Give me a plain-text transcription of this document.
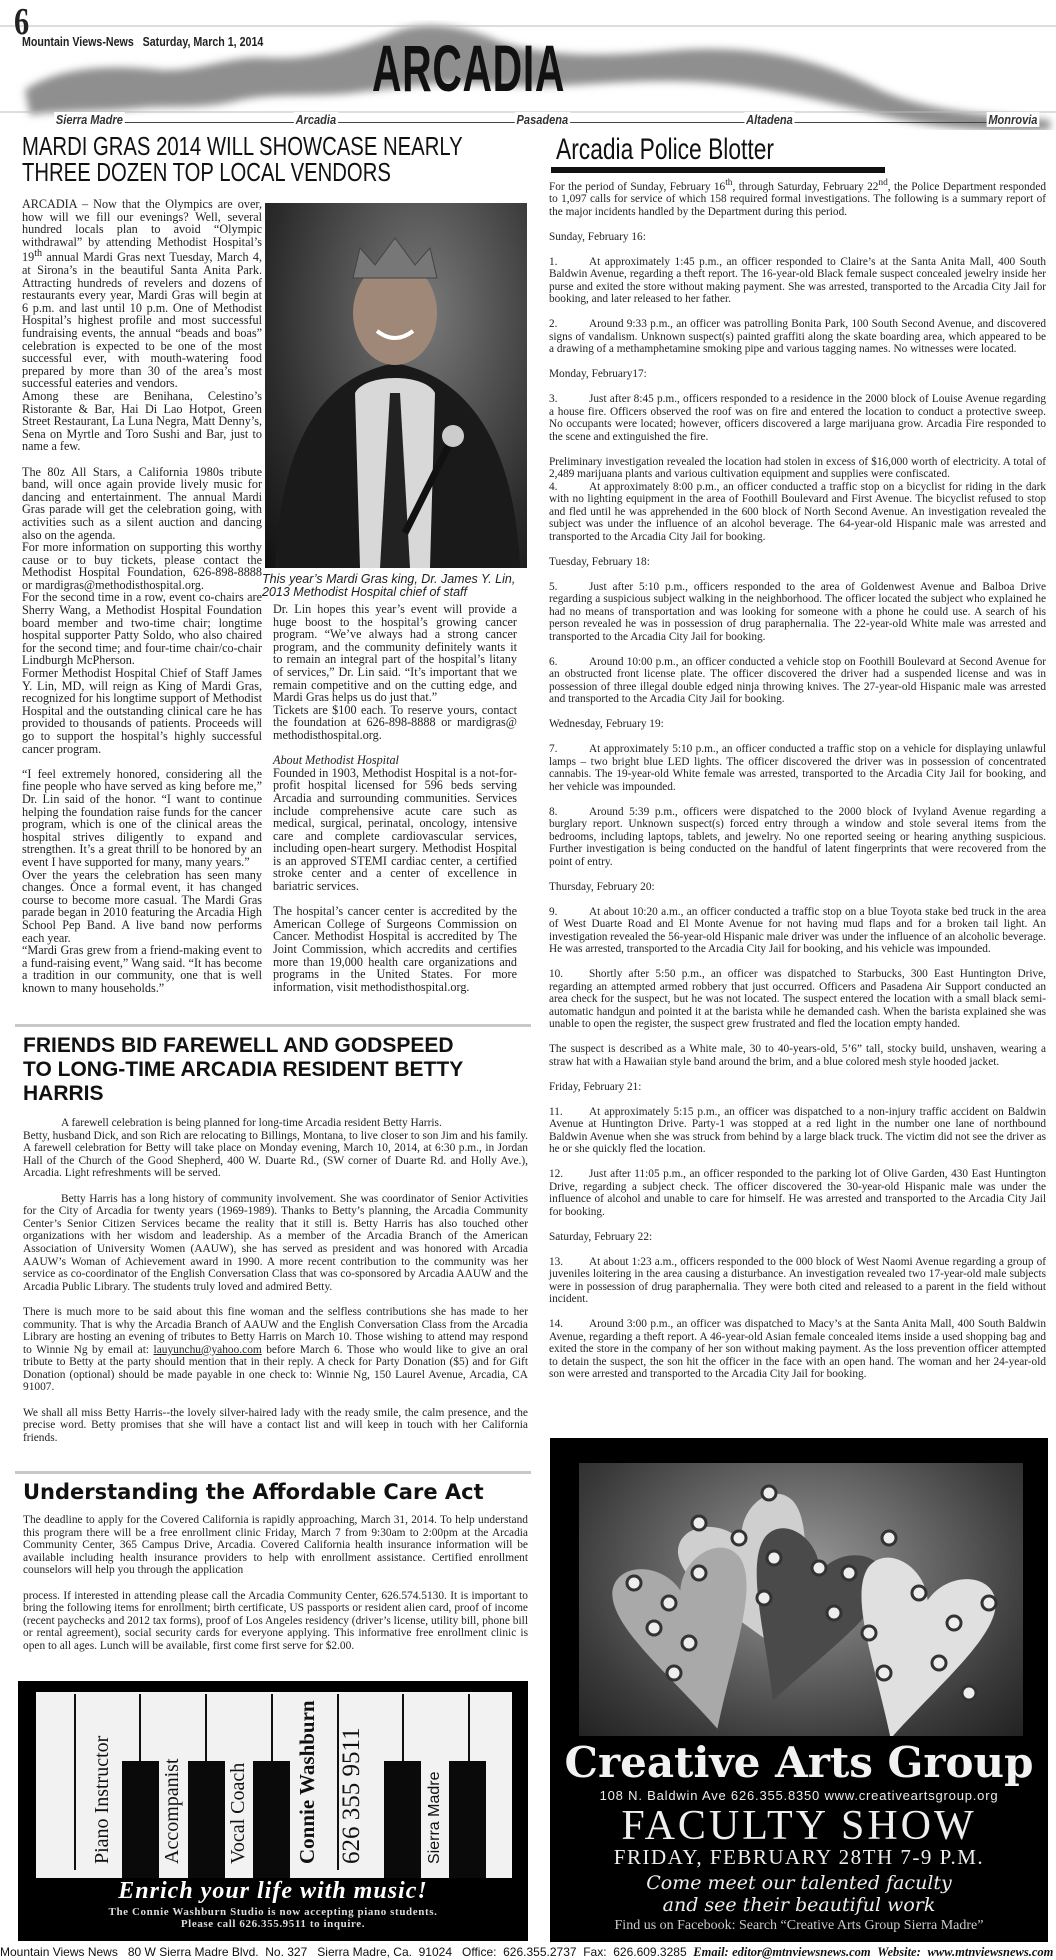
6
Mountain Views-News   Saturday, March 1, 2014 ARCADIA
Sierra Madre	Arcadia	Pasadena	Altadena	Monrovia
MARDI GRAS 2014 WILL SHOWCASE NEARLY
THREE DOZEN TOP LOCAL VENDORS

ARCADIA – Now that the Olympics are over, how will we fill our evenings? Well, several hundred locals plan to avoid “Olympic withdrawal” by attending Methodist Hospital’s 19th annual Mardi Gras next Tuesday, March 4, at Sirona’s in the beautiful Santa Anita Park. Attracting hundreds of revelers and dozens of restaurants every year, Mardi Gras will begin at 6 p.m. and last until 10 p.m. One of Methodist Hospital’s highest profile and most successful fundraising events, the annual “beads and boas” celebration is expected to be one of the most successful ever, with mouth-watering food prepared by more than 30 of the area’s most successful eateries and vendors.

Among these are Benihana, Celestino’s Ristorante & Bar, Hai Di Lao Hotpot, Green Street Restaurant, La Luna Negra, Matt Denny’s, Sena on Myrtle and Toro Sushi and Bar, just to name a few.

The 80z All Stars, a California 1980s tribute band, will once again provide lively music for dancing and entertainment. The annual Mardi Gras parade will get the celebration going, with activities such as a silent auction and dancing also on the agenda.

For more information on supporting this worthy cause or to buy tickets, please contact the Methodist Hospital Foundation, 626-898-8888 or mardigras@methodisthospital.org.

For the second time in a row, event co-chairs are Sherry Wang, a Methodist Hospital Foundation board member and two-time chair; longtime hospital supporter Patty Soldo, who also chaired for the second time; and four-time chair/co-chair Lindburgh McPherson.

Former Methodist Hospital Chief of Staff James Y. Lin, MD, will reign as King of Mardi Gras, recognized for his longtime support of Methodist Hospital and the outstanding clinical care he has provided to thousands of patients. Proceeds will go to support the hospital’s highly successful cancer program.

“I feel extremely honored, considering all the fine people who have served as king before me,” Dr. Lin said of the honor. “I want to continue helping the foundation raise funds for the cancer program, which is one of the clinical areas the hospital strives diligently to expand and strengthen. It’s a great thrill to be honored by an event I have supported for many, many years.”

Over the years the celebration has seen many changes. Once a formal event, it has changed course to become more casual. The Mardi Gras parade began in 2010 featuring the Arcadia High School Pep Band. A live band now performs each year.

“Mardi Gras grew from a friend-making event to a fund-raising event,” Wang said. “It has become a tradition in our community, one that is well known to many households.”

This year’s Mardi Gras king, Dr. James Y. Lin, 2013 Methodist Hospital chief of staff

Dr. Lin hopes this year’s event will provide a huge boost to the hospital’s growing cancer program. “We’ve always had a strong cancer program, and the community definitely wants it to remain an integral part of the hospital’s litany of services,” Dr. Lin said. “It’s important that we remain competitive and on the cutting edge, and Mardi Gras helps us do just that.”

Tickets are $100 each. To reserve yours, contact the foundation at 626-898-8888 or mardigras@ methodisthospital.org.

About Methodist Hospital

Founded in 1903, Methodist Hospital is a not-for-profit hospital licensed for 596 beds serving Arcadia and surrounding communities. Services include comprehensive acute care such as medical, surgical, perinatal, oncology, intensive care and complete cardiovascular services, including open-heart surgery. Methodist Hospital is an approved STEMI cardiac center, a certified stroke center and a center of excellence in bariatric services.

The hospital’s cancer center is accredited by the American College of Surgeons Commission on Cancer. Methodist Hospital is accredited by The Joint Commission, which accredits and certifies more than 19,000 health care organizations and programs in the United States. For more information, visit methodisthospital.org.

FRIENDS BID FAREWELL AND GODSPEED
TO LONG-TIME ARCADIA RESIDENT BETTY
HARRIS

A farewell celebration is being planned for long-time Arcadia resident Betty Harris.
Betty, husband Dick, and son Rich are relocating to Billings, Montana, to live closer to son Jim and his family. A farewell celebration for Betty will take place on Monday evening, March 10, 2014, at 6:30 p.m., in Jordan Hall of the Church of the Good Shepherd, 400 W. Duarte Rd., (SW corner of Duarte Rd. and Holly Ave.), Arcadia. Light refreshments will be served.

Betty Harris has a long history of community involvement. She was coordinator of Senior Activities for the City of Arcadia for twenty years (1969-1989). Thanks to Betty’s planning, the Arcadia Community Center’s Senior Citizen Services became the reality that it still is. Betty Harris has also touched other organizations with her wisdom and leadership. As a member of the Arcadia Branch of the American Association of University Women (AAUW), she has served as president and was honored with Arcadia AAUW’s Woman of Achievement award in 1990. A more recent contribution to the community was her service as co-coordinator of the English Conversation Class that was co-sponsored by Arcadia AAUW and the Arcadia Public Library. The students truly loved and admired Betty.

There is much more to be said about this fine woman and the selfless contributions she has made to her community. That is why the Arcadia Branch of AAUW and the English Conversation Class from the Arcadia Library are hosting an evening of tributes to Betty Harris on March 10. Those wishing to attend may respond to Winnie Ng by email at: lauyunchu@yahoo.com before March 6. Those who would like to give an oral tribute to Betty at the party should mention that in their reply. A check for Party Donation ($5) and for Gift Donation (optional) should be made payable in one check to: Winnie Ng, 150 Laurel Avenue, Arcadia, CA 91007.

We shall all miss Betty Harris--the lovely silver-haired lady with the ready smile, the calm presence, and the precise word. Betty promises that she will have a contact list and will keep in touch with her California friends.

Understanding the Affordable Care Act

The deadline to apply for the Covered California is rapidly approaching, March 31, 2014. To help understand this program there will be a free enrollment clinic Friday, March 7 from 9:30am to 2:00pm at the Arcadia Community Center, 365 Campus Drive, Arcadia. Covered California health insurance information will be available including health insurance providers to help with enrollment assistance. Certified enrollment counselors will help you through the application

process. If interested in attending please call the Arcadia Community Center, 626.574.5130. It is important to bring the following items for enrollment; birth certificate, US passports or resident alien card, proof of income (recent paychecks and 2012 tax forms), proof of Los Angeles residency (driver’s license, utility bill, phone bill or rental agreement), social security cards for everyone applying. This informative free enrollment clinic is open to all ages. Lunch will be available, first come first serve for $2.00.

Piano Instructor Accompanist Vocal Coach Connie Washburn 626 355 9511	Sierra Madre
Enrich your life with music!
The Connie Washburn Studio is now accepting piano students.
Please call 626.355.9511 to inquire.
Arcadia Police Blotter

For the period of Sunday, February 16th, through Saturday, February 22nd, the Police Department responded to 1,097 calls for service of which 158 required formal investigations. The following is a summary report of the major incidents handled by the Department during this period.

Sunday, February 16:

1.	At approximately 1:45 p.m., an officer responded to Claire’s at the Santa Anita Mall, 400 South Baldwin Avenue, regarding a theft report. The 16-year-old Black female suspect concealed jewelry inside her purse and exited the store without making payment. She was arrested, transported to the Arcadia City Jail for booking, and later released to her father.

2.	Around 9:33 p.m., an officer was patrolling Bonita Park, 100 South Second Avenue, and discovered signs of vandalism. Unknown suspect(s) painted graffiti along the skate boarding area, which appeared to be a drawing of a methamphetamine smoking pipe and various tagging names. No witnesses were located.

Monday, February17:

3.	Just after 8:45 p.m., officers responded to a residence in the 2000 block of Louise Avenue regarding a house fire. Officers observed the roof was on fire and entered the location to conduct a protective sweep. No occupants were located; however, officers discovered a large marijuana grow. Arcadia Fire responded to the scene and extinguished the fire.

Preliminary investigation revealed the location had stolen in excess of $16,000 worth of electricity. A total of 2,489 marijuana plants and various cultivation equipment and supplies were confiscated.

4.	At approximately 8:00 p.m., an officer conducted a traffic stop on a bicyclist for riding in the dark with no lighting equipment in the area of Foothill Boulevard and First Avenue. The bicyclist refused to stop and fled until he was apprehended in the 600 block of North Second Avenue. An investigation revealed the subject was under the influence of an alcohol beverage. The 64-year-old Hispanic male was arrested and transported to the Arcadia City Jail for booking.

Tuesday, February 18:

5.	Just after 5:10 p.m., officers responded to the area of Goldenwest Avenue and Balboa Drive regarding a suspicious subject walking in the neighborhood. The officer located the subject who explained he had no means of transportation and was looking for someone with a phone he could use. A search of his person revealed he was in possession of drug paraphernalia. The 22-year-old White male was arrested and transported to the Arcadia City Jail for booking.

6.	Around 10:00 p.m., an officer conducted a vehicle stop on Foothill Boulevard at Second Avenue for an obstructed front license plate. The officer discovered the driver had a suspended license and was in possession of three illegal double edged ninja throwing knives. The 27-year-old Hispanic male was arrested and transported to the Arcadia City Jail for booking.

Wednesday, February 19:

7.	At approximately 5:10 p.m., an officer conducted a traffic stop on a vehicle for displaying unlawful lamps – two bright blue LED lights. The officer discovered the driver was in possession of concentrated cannabis. The 19-year-old White female was arrested, transported to the Arcadia City Jail for booking, and her vehicle was impounded.

8.	Around 5:39 p.m., officers were dispatched to the 2000 block of Ivyland Avenue regarding a burglary report. Unknown suspect(s) forced entry through a window and stole several items from the bedrooms, including laptops, tablets, and jewelry. No one reported seeing or hearing anything suspicious. Further investigation is being conducted on the handful of latent fingerprints that were recovered from the point of entry.

Thursday, February 20:

9.	At about 10:20 a.m., an officer conducted a traffic stop on a blue Toyota stake bed truck in the area of West Duarte Road and El Monte Avenue for not having mud flaps and for a broken tail light. An investigation revealed the 56-year-old Hispanic male driver was under the influence of an alcoholic beverage. He was arrested, transported to the Arcadia City Jail for booking, and his vehicle was impounded.

10. Shortly after 5:50 p.m., an officer was dispatched to Starbucks, 300 East Huntington Drive, regarding an attempted armed robbery that just occurred. Officers and Pasadena Air Support conducted an area check for the suspect, but he was not located. The suspect entered the location with a small black semi-automatic handgun and pointed it at the barista while he demanded cash. When the barista explained she was unable to open the register, the suspect grew frustrated and fled the location empty handed.

The suspect is described as a White male, 30 to 40-years-old, 5’6” tall, stocky build, unshaven, wearing a straw hat with a Hawaiian style band around the brim, and a blue colored mesh style hooded jacket.

Friday, February 21:

11. At approximately 5:15 p.m., an officer was dispatched to a non-injury traffic accident on Baldwin Avenue at Huntington Drive. Party-1 was stopped at a red light in the number one lane of northbound Baldwin Avenue when she was struck from behind by a large black truck. The victim did not see the driver as he or she quickly fled the location.

12. Just after 11:05 p.m., an officer responded to the parking lot of Olive Garden, 430 East Huntington Drive, regarding a subject check. The officer discovered the 30-year-old Hispanic male was under the influence of alcohol and unable to care for himself. He was arrested and transported to the Arcadia City Jail for booking.

Saturday, February 22:

13. At about 1:23 a.m., officers responded to the 000 block of West Naomi Avenue regarding a group of juveniles loitering in the area causing a disturbance. An investigation revealed two 17-year-old male subjects were in possession of drug paraphernalia. They were both cited and released to a parent in the field without incident.

14. Around 3:00 p.m., an officer was dispatched to Macy’s at the Santa Anita Mall, 400 South Baldwin Avenue, regarding a theft report. A 46-year-old Asian female concealed items inside a used shopping bag and exited the store in the company of her son without making payment. As the loss prevention officer attempted to detain the suspect, the son hit the officer in the face with an open hand. The woman and her 24-year-old son were arrested and transported to the Arcadia City Jail for booking.

Creative Arts Group
108 N. Baldwin Ave 626.355.8350 www.creativeartsgroup.org
FACULTY SHOW
FRIDAY, FEBRUARY 28TH 7-9 P.M.
Come meet our talented faculty
and see their beautiful work
Find us on Facebook: Search “Creative Arts Group Sierra Madre”
Mountain Views News 80 W Sierra Madre Blvd.  No. 327   Sierra Madre, Ca.  91024   Office:  626.355.2737  Fax:  626.609.3285 Email: editor@mtnviewsnews.com Website: www.mtnviewsnews.com
